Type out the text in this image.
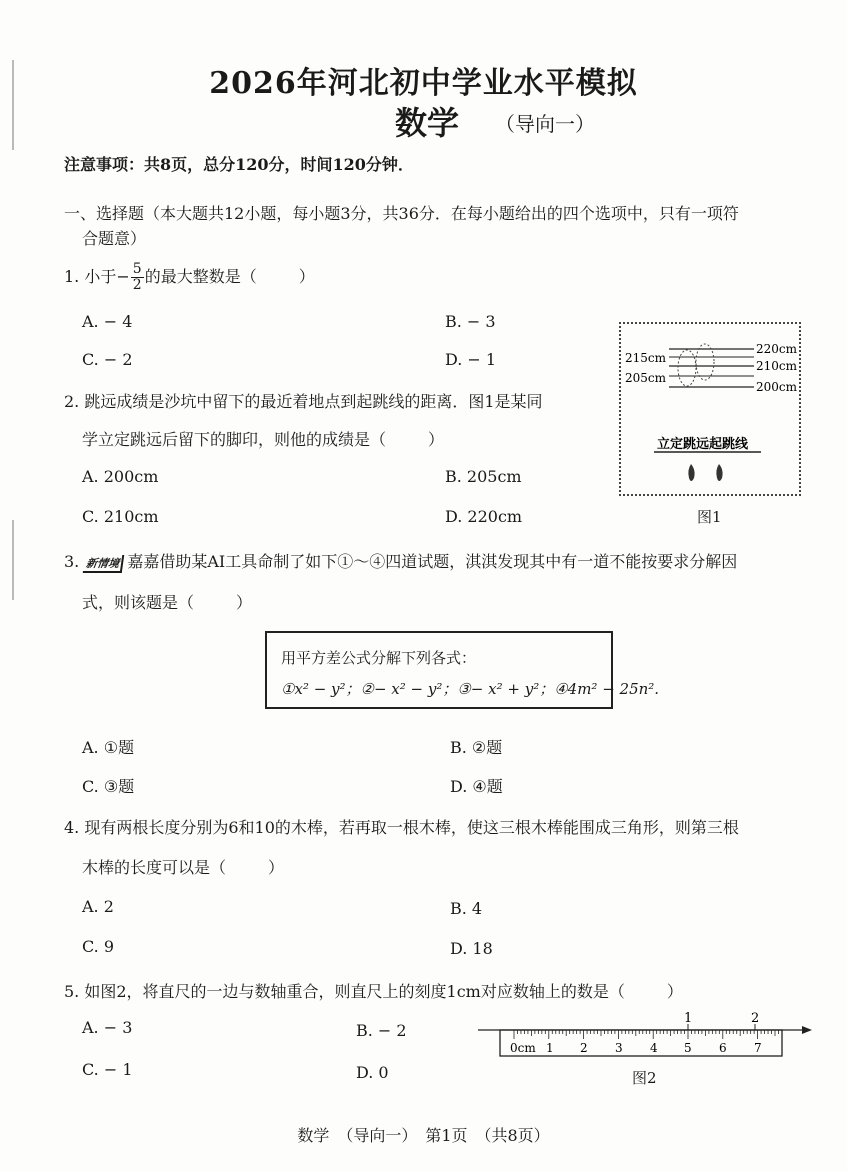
2026年河北初中学业水平模拟
数学 （导向一）
注意事项：共8页，总分120分，时间120分钟．
一、选择题（本大题共12小题，每小题3分，共36分．在每小题给出的四个选项中，只有一项符
合题意）
1. 小于− $\frac{5}{2}$ 的最大整数是（	）
A. − 4	B. − 3
C. − 2	D. − 1
220cm
210cm
200cm
215cm
205cm
立定跳远起跳线
图1
2. 跳远成绩是沙坑中留下的最近着地点到起跳线的距离．图1是某同
学立定跳远后留下的脚印，则他的成绩是（	）
A. 200cm	B. 205cm
C. 210cm	D. 220cm
3. 新情境 嘉嘉借助某AI工具命制了如下①～④四道试题，淇淇发现其中有一道不能按要求分解因
式，则该题是（	）
用平方差公式分解下列各式：
①x² − y²；②− x² − y²；③− x² + y²；④4m² − 25n².
A. ①题	B. ②题
C. ③题	D. ④题
4. 现有两根长度分别为6和10的木棒，若再取一根木棒，使这三根木棒能围成三角形，则第三根
木棒的长度可以是（	）
A. 2	B. 4
C. 9	D. 18
5. 如图2，将直尺的一边与数轴重合，则直尺上的刻度1cm对应数轴上的数是（	）
A. − 3	B. − 2
C. − 1	D. 0
1	2
0cm 1 2 3 4 5 6 7
图2
数学　（导向一）　第1页　（共8页）
